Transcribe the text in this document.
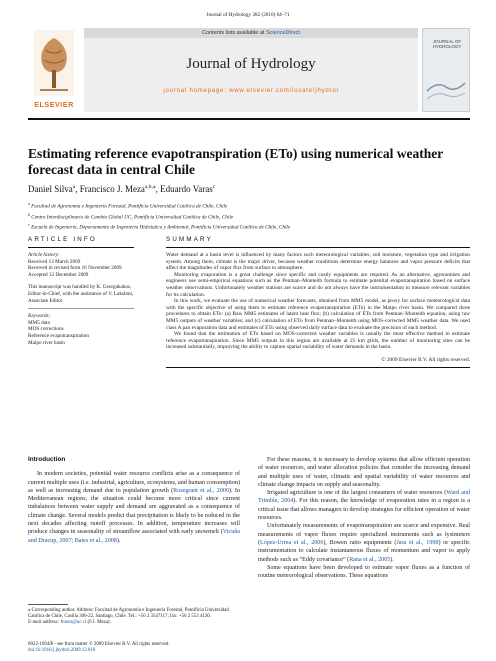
Journal of Hydrology 382 (2010) 64–71
ELSEVIER
Contents lists available at ScienceDirect
Journal of Hydrology
journal homepage: www.elsevier.com/locate/jhydrol
JOURNAL OF HYDROLOGY
Estimating reference evapotranspiration (ETo) using numerical weather forecast data in central Chile
Daniel Silva$^a$, Francisco J. Meza$^{a,b,⁎}$, Eduardo Varas$^c$
$^a$ Facultad de Agronomía e Ingeniería Forestal, Pontificia Universidad Católica de Chile, Chile
$^b$ Centro Interdisciplinario de Cambio Global UC, Pontificia Universidad Católica de Chile, Chile
$^c$ Escuela de Ingeniería, Departamento de Ingeniería Hidráulica y Ambiental, Pontificia Universidad Católica de Chile, Chile
ARTICLE INFO
Article history:
Received 13 March 2009
Received in revised form 16 November 2009
Accepted 12 December 2009
This manuscript was handled by K. Georgakakos, Editor-in-Chief, with the assistance of V. Lakshmi, Associate Editor
Keywords:
MM5 data
MOS corrections
Reference evapotranspiration
Maipo river basin
SUMMARY

Water demand at a basin level is influenced by many factors such meteorological variables, soil moisture, vegetation type and irrigation system. Among them, climate is the major driver, because weather conditions determine energy balances and vapor pressure deficits that affect the magnitudes of vapor flux from surface to atmosphere.

Monitoring evaporation is a great challenge since specific and costly equipments are required. As an alternative, agronomists and engineers use semi-empirical equations such as the Penman–Monteith formula to estimate potential evapotranspiration based on surface weather observations. Unfortunately weather stations are scarce and do not always have the instrumentation to measure relevant variables for its calculation.

In this work, we evaluate the use of numerical weather forecasts, obtained from MM5 model, as proxy for surface meteorological data with the specific objective of using them to estimate reference evapotranspiration (ETo) in the Maipo river basin. We compared three procedures to obtain ETo: (a) Raw MM5 estimates of latent heat flux; (b) calculation of ETo from Penman–Monteith equation, using raw MM5 outputs of weather variables; and (c) calculation of ETo from Penman–Monteith using MOS-corrected MM5 weather data. We used class A pan evaporation data and estimates of ETo using observed daily surface data to evaluate the precision of each method.

We found that the estimation of ETo based on MOS-corrected weather variables is usually the most effective method to estimate reference evapotranspiration. Since MM5 outputs in this region are available at 25 km grids, the number of monitoring sites can be increased substantially, improving the ability to capture spatial variability of water demands in the basin.

© 2009 Elsevier B.V. All rights reserved.
Introduction

In modern societies, potential water resource conflicts arise as a consequence of current multiple uses (i.e. industrial, agriculture, ecosystems, and human consumption) as well as increasing demand due to population growth (Rosegrant et al., 2000). In Mediterranean regions, the situation could become more critical since current imbalances between water supply and demand are aggravated as a consequence of climate change. Several models predict that precipitation is likely to be reduced in the next decades affecting runoff processes. In addition, temperature increases will produce changes in seasonality of streamflow associated with early snowmelt (Vicuña and Dracup, 2007; Bates et al., 2008).

For these reasons, it is necessary to develop systems that allow efficient operation of water resources, and water allocation policies that consider the increasing demand and multiple uses of water, climatic and spatial variability of water resources and climate change impacts on supply and seasonality.

Irrigated agriculture is one of the largest consumers of water resources (Ward and Trimble, 2004). For this reason, the knowledge of evaporation rates in a region is a critical issue that allows managers to develop strategies for efficient operation of water resources.

Unfortunately measurements of evapotranspiration are scarce and expensive. Real measurements of vapor fluxes require specialized instruments such as lysimeters (López-Urrea et al., 2006), Bowen ratio equipments (Jara et al., 1998) or specific instrumentation to calculate instantaneous fluxes of momentum and vapor to apply methods such as “Eddy covariance” (Rana et al., 2005).

Some equations have been developed to estimate vapor fluxes as a function of routine meteorological observations. These equations

⁎ Corresponding author. Address: Facultad de Agronomía e Ingeniería Forestal, Pontificia Universidad Católica de Chile, Casilla 306-22, Santiago, Chile. Tel.: +56 2 3547117; fax: +56 2 553 4130.
E-mail address: fmeza@uc.cl (F.J. Meza).
0022-1694/$ - see front matter © 2009 Elsevier B.V. All rights reserved.
doi:10.1016/j.jhydrol.2009.12.018
